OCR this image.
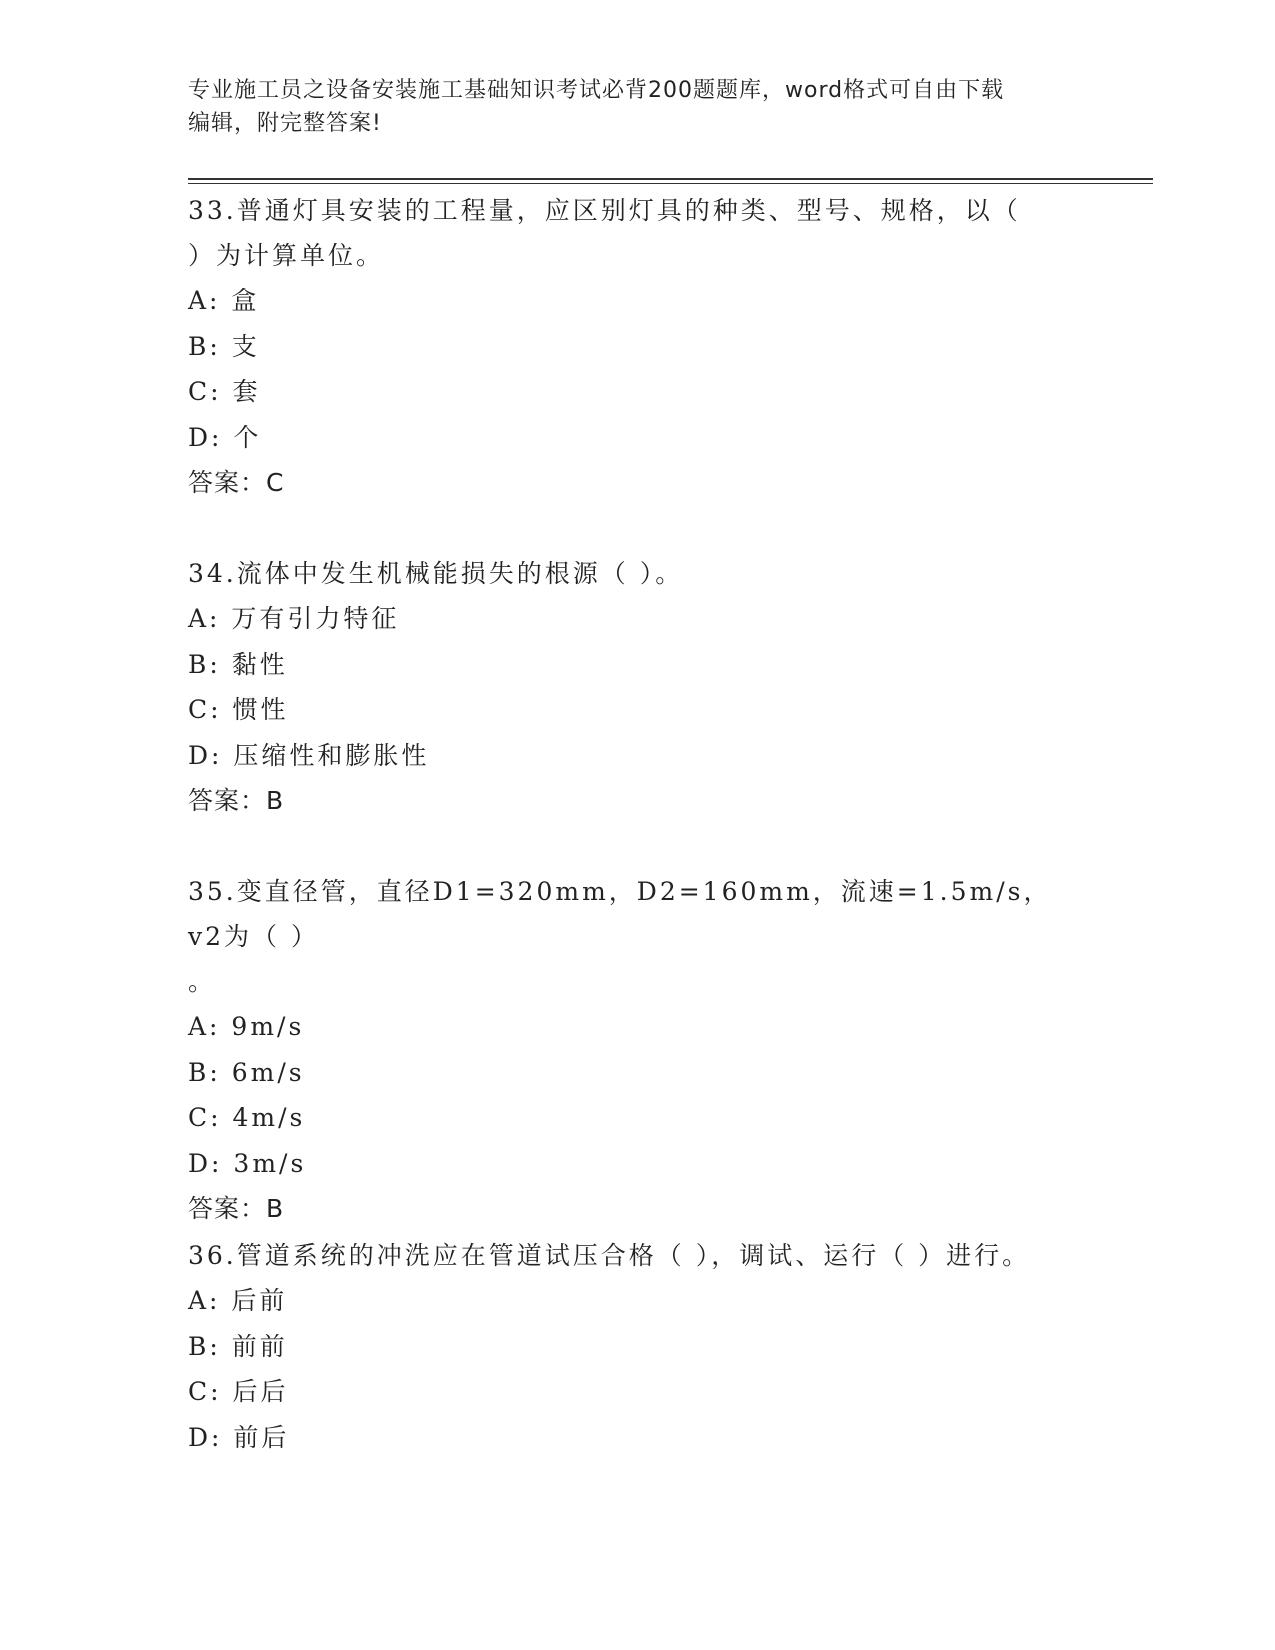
专业施工员之设备安装施工基础知识考试必背200题题库，word格式可自由下载
编辑，附完整答案!

33.普通灯具安装的工程量，应区别灯具的种类、型号、规格，以（

）为计算单位。

A: 盒

B: 支

C: 套

D: 个

答案：C

34.流体中发生机械能损失的根源（ ）。

A: 万有引力特征

B: 黏性

C: 惯性

D: 压缩性和膨胀性

答案：B

35.变直径管，直径D1=320mm，D2=160mm，流速=1.5m/s，v2为（ ）

。

A: 9m/s

B: 6m/s

C: 4m/s

D: 3m/s

答案：B

36.管道系统的冲洗应在管道试压合格（ ），调试、运行（ ）进行。

A: 后前

B: 前前

C: 后后

D: 前后
